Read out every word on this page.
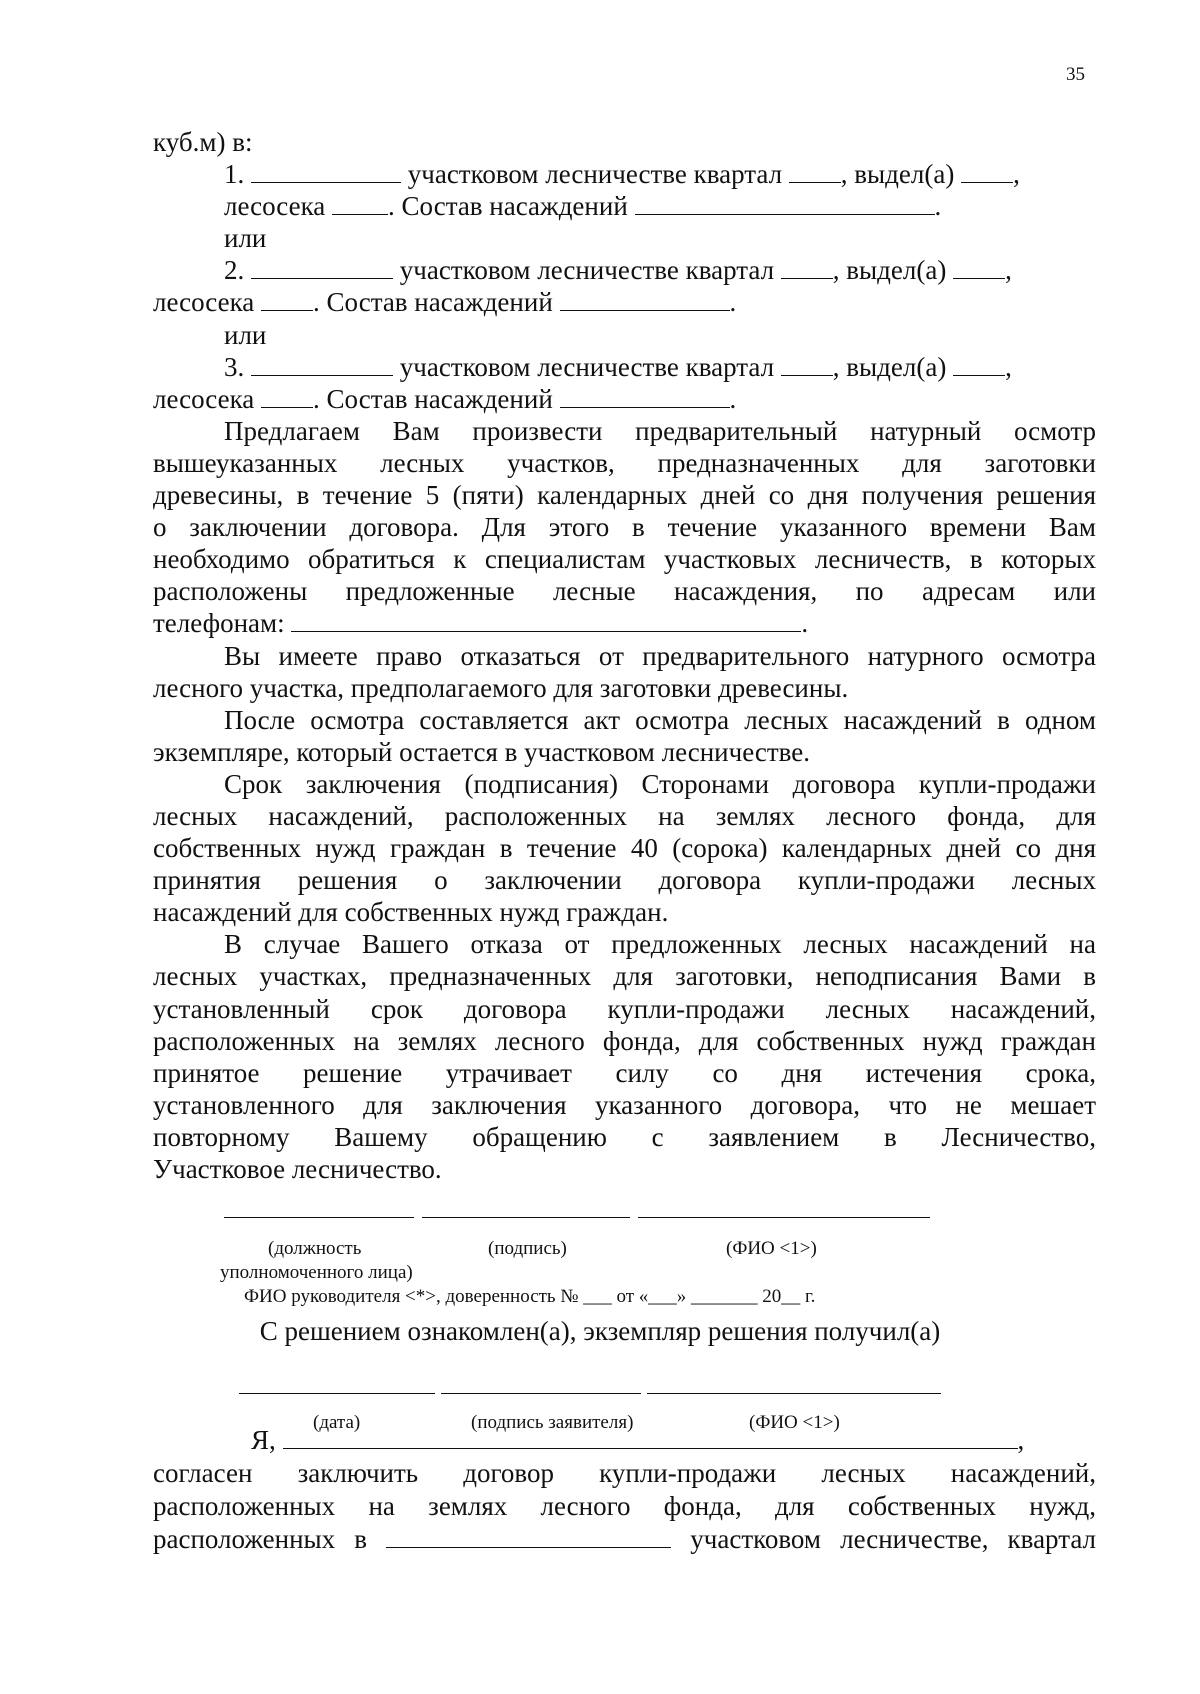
35
куб.м) в:
1.	участковом лесничестве квартал , выдел(а) ,
лесосека . Состав насаждений	.
или
2.	участковом лесничестве квартал , выдел(а) ,
лесосека . Состав насаждений	.
или
3.	участковом лесничестве квартал , выдел(а) ,
лесосека . Состав насаждений	.
Предлагаем Вам произвести предварительный натурный осмотр
вышеуказанных лесных участков, предназначенных для заготовки
древесины, в течение 5 (пяти) календарных дней со дня получения решения
о заключении договора. Для этого в течение указанного времени Вам
необходимо обратиться к специалистам участковых лесничеств, в которых
расположены предложенные лесные насаждения, по адресам или
телефонам:	.
Вы имеете право отказаться от предварительного натурного осмотра
лесного участка, предполагаемого для заготовки древесины.
После осмотра составляется акт осмотра лесных насаждений в одном
экземпляре, который остается в участковом лесничестве.
Срок заключения (подписания) Сторонами договора купли-продажи
лесных насаждений, расположенных на землях лесного фонда, для
собственных нужд граждан в течение 40 (сорока) календарных дней со дня
принятия решения о заключении договора купли-продажи лесных
насаждений для собственных нужд граждан.
В случае Вашего отказа от предложенных лесных насаждений на
лесных участках, предназначенных для заготовки, неподписания Вами в
установленный срок договора купли-продажи лесных насаждений,
расположенных на землях лесного фонда, для собственных нужд граждан
принятое решение утрачивает силу со дня истечения срока,
установленного для заключения указанного договора, что не мешает
повторному Вашему обращению с заявлением в Лесничество,
Участковое лесничество.
(должность	(подпись)	(ФИО <1>)
уполномоченного лица)
ФИО руководителя <*>, доверенность № ___ от «___» _______ 20__ г.
С решением ознакомлен(а), экземпляр решения получил(а)
(дата)	(подпись заявителя)	(ФИО <1>)
Я,	,
согласен заключить договор купли-продажи лесных насаждений,
расположенных на землях лесного фонда, для собственных нужд,
расположенных в	участковом лесничестве, квартал
